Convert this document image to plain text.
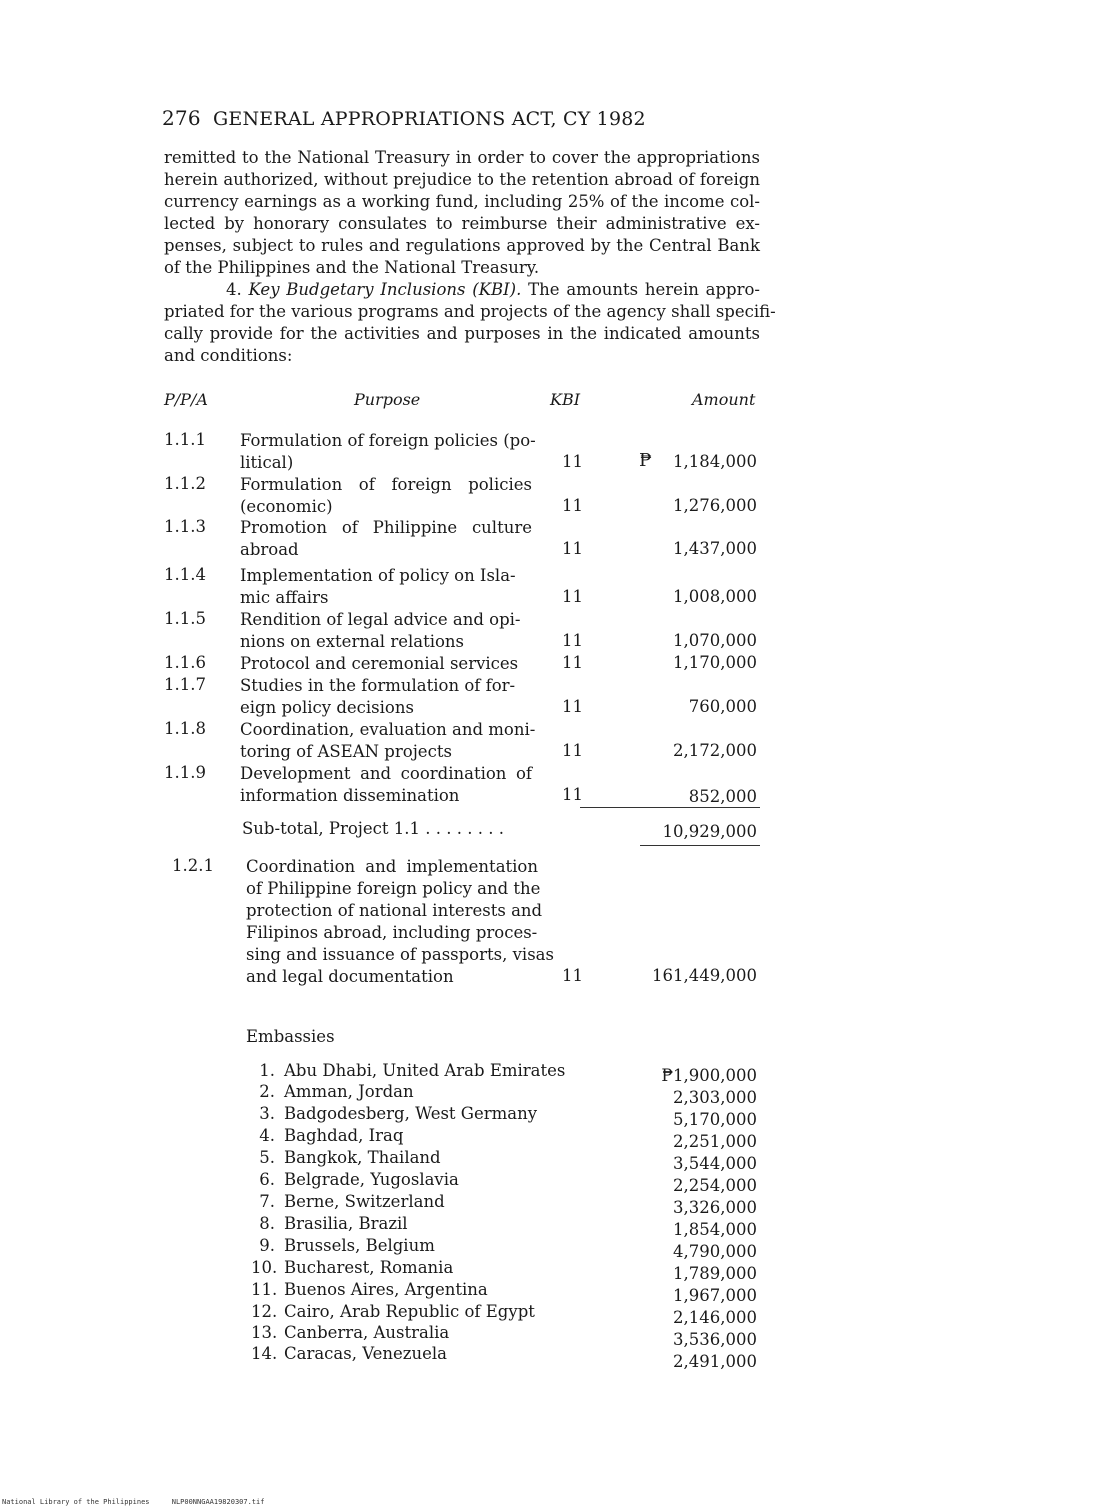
276 GENERAL APPROPRIATIONS ACT, CY 1982
remitted to the National Treasury in order to cover the appropriations
herein authorized, without prejudice to the retention abroad of foreign
currency earnings as a working fund, including 25% of the income col-
lected by honorary consulates to reimburse their administrative ex-
penses, subject to rules and regulations approved by the Central Bank
of the Philippines and the National Treasury.
4. Key Budgetary Inclusions (KBI). The amounts herein appro-
priated for the various programs and projects of the agency shall specifi-
cally provide for the activities and purposes in the indicated amounts
and conditions:
P/P/A	Purpose	KBI	Amount
1.1.1	Formulation of foreign policies (po-
litical)	11	₱ 1,184,000
1.1.2	Formulation of foreign policies
(economic)	11	1,276,000
1.1.3	Promotion of Philippine culture
abroad	11	1,437,000
1.1.4	Implementation of policy on Isla-
mic affairs	11	1,008,000
1.1.5	Rendition of legal advice and opi-
nions on external relations	11	1,070,000
1.1.6	Protocol and ceremonial services	11	1,170,000
1.1.7	Studies in the formulation of for-
eign policy decisions	11	760,000
1.1.8	Coordination, evaluation and moni-
toring of ASEAN projects	11	2,172,000
1.1.9	Development and coordination of
information dissemination	11	852,000
Sub-total, Project 1.1 . . . . . . . .	10,929,000
1.2.1	Coordination and implementation
of Philippine foreign policy and the
protection of national interests and
Filipinos abroad, including proces-
sing and issuance of passports, visas
and legal documentation	11	161,449,000
Embassies
1. Abu Dhabi, United Arab Emirates	₱1,900,000
2. Amman, Jordan	2,303,000
3. Badgodesberg, West Germany	5,170,000
4. Baghdad, Iraq	2,251,000
5. Bangkok, Thailand	3,544,000
6. Belgrade, Yugoslavia	2,254,000
7. Berne, Switzerland	3,326,000
8. Brasilia, Brazil	1,854,000
9. Brussels, Belgium	4,790,000
10. Bucharest, Romania	1,789,000
11. Buenos Aires, Argentina	1,967,000
12. Cairo, Arab Republic of Egypt	2,146,000
13. Canberra, Australia	3,536,000
14. Caracas, Venezuela	2,491,000
National Library of the Philippines	NLP00NNGAA19820307.tif
